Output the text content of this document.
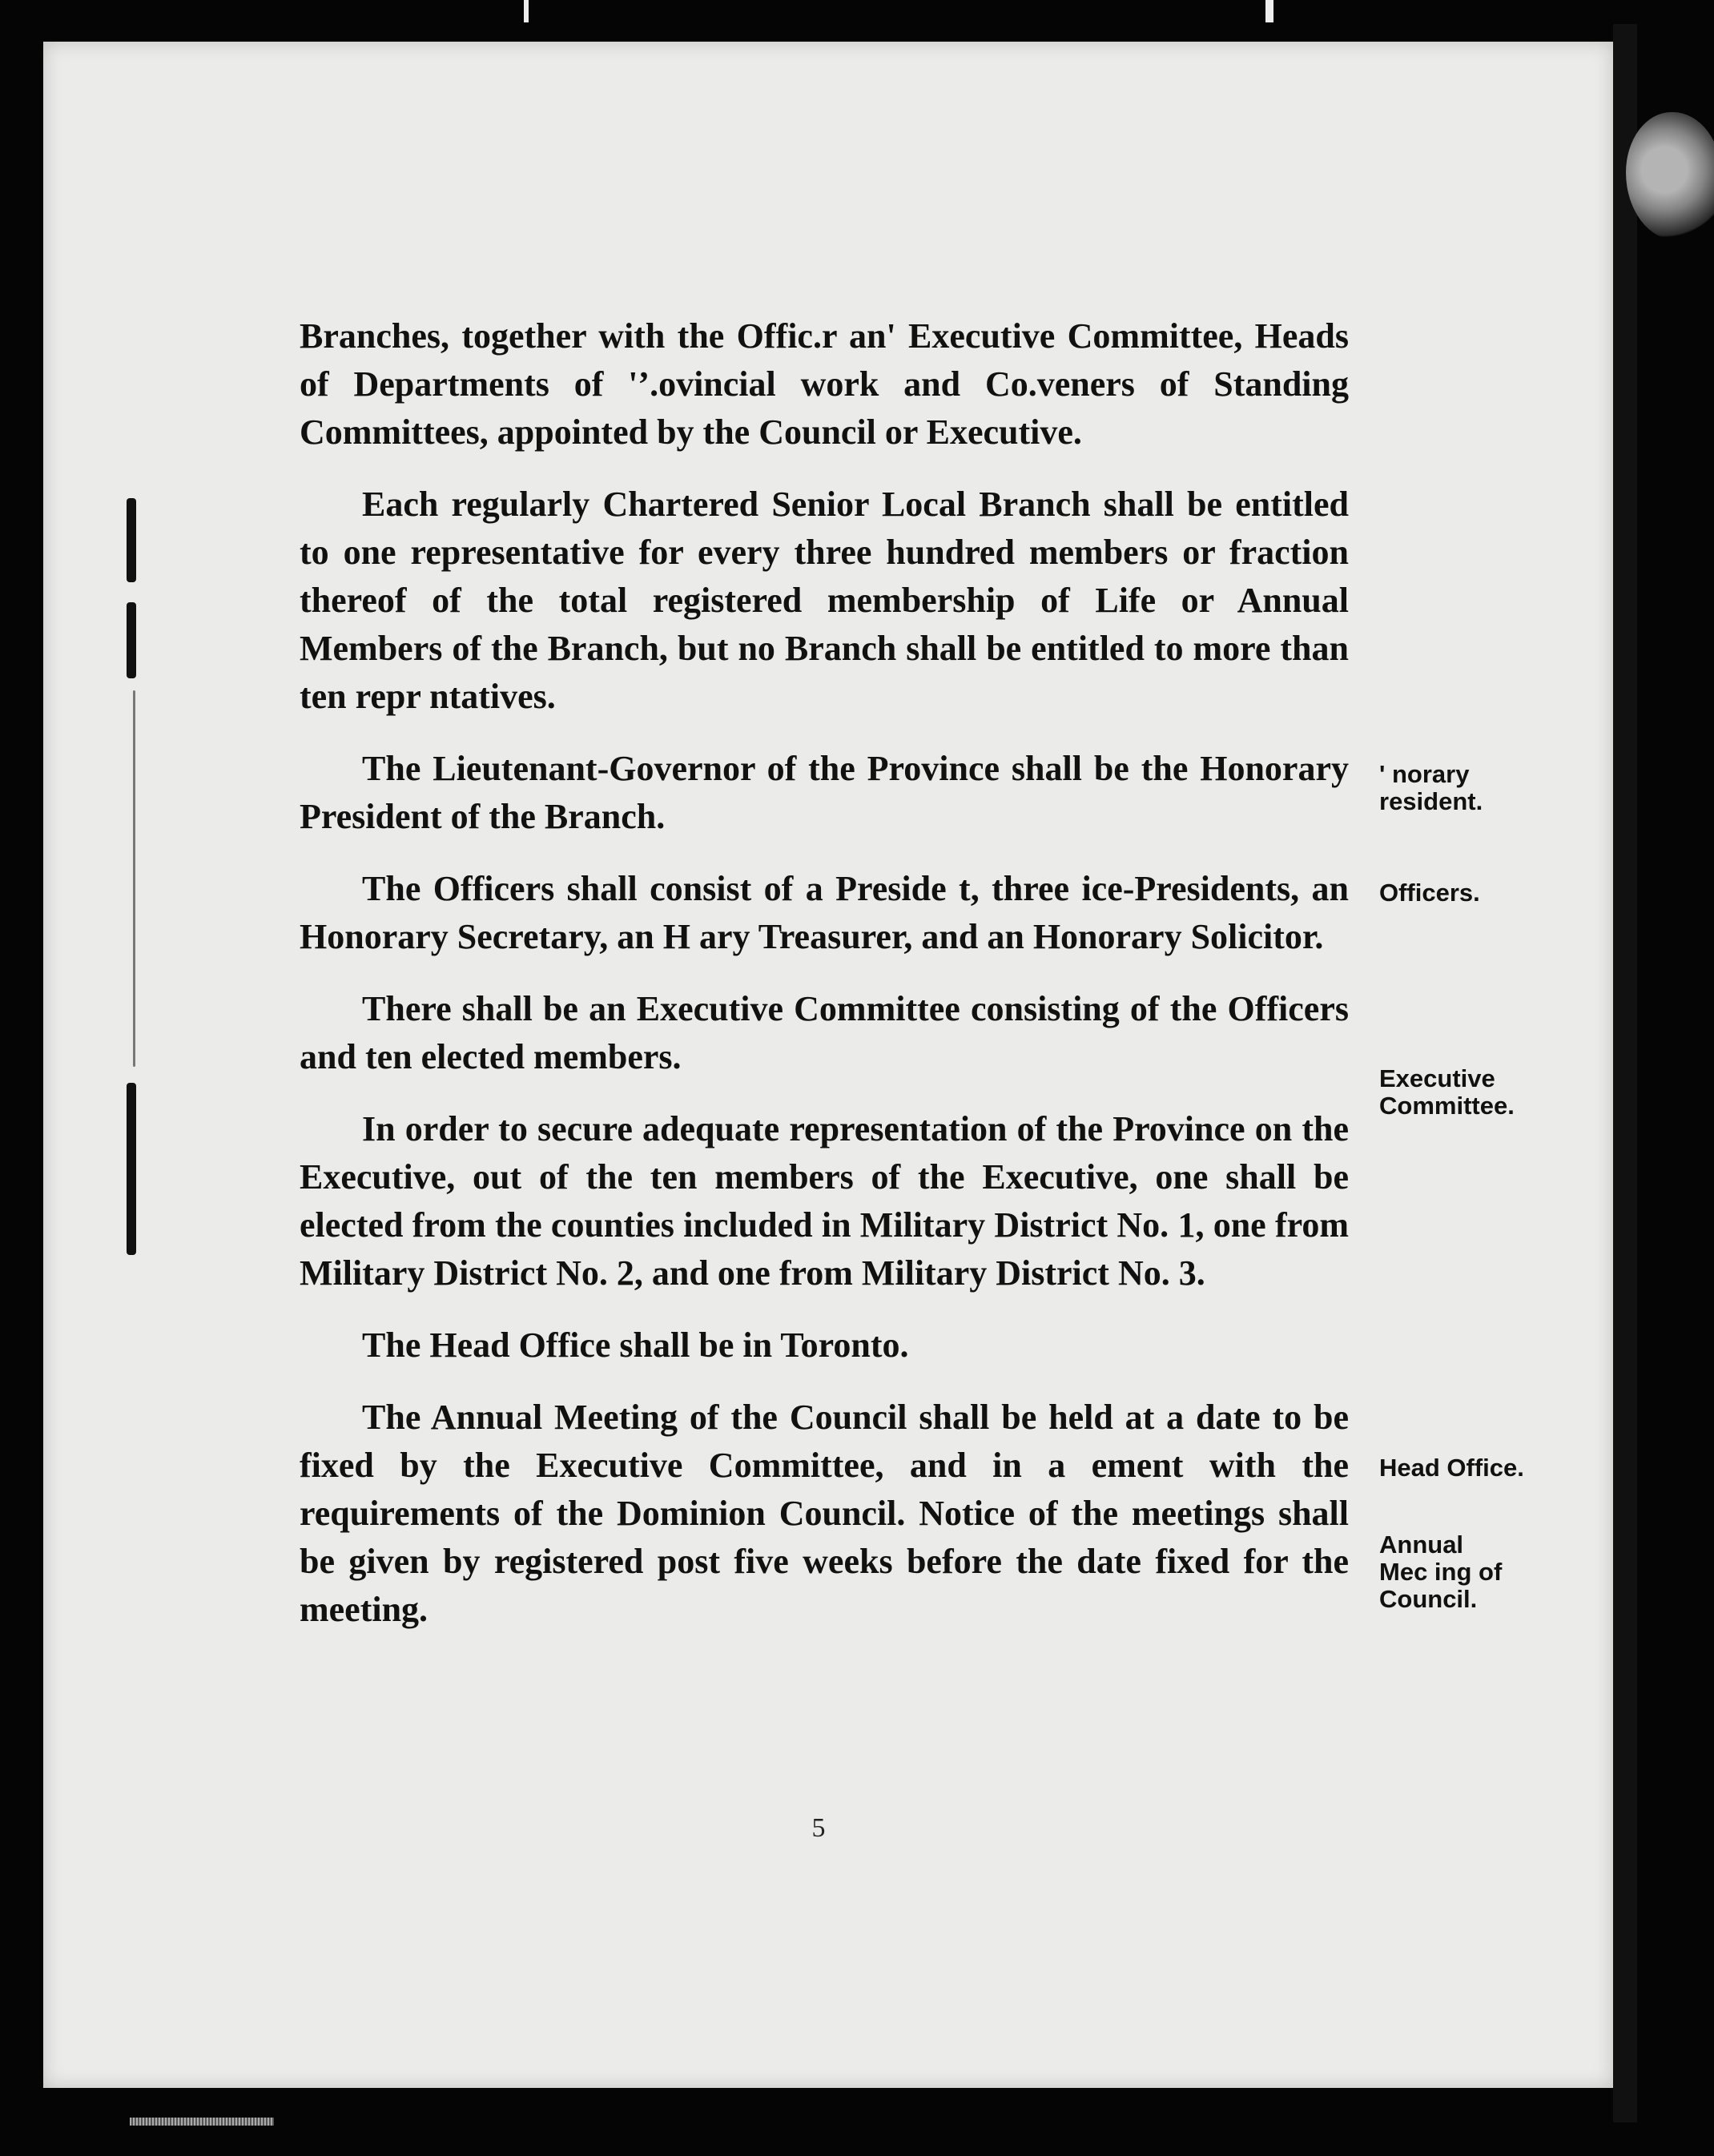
Branches, together with the Offic.r an' Executive Committee, Heads of Departments of '’.ovincial work and Co.veners of Standing Committees, appointed by the Council or Executive.

Each regularly Chartered Senior Local Branch shall be entitled to one representative for every three hundred members or fraction thereof of the total registered membership of Life or Annual Members of the Branch, but no Branch shall be entitled to more than ten repr ntatives.

The Lieutenant-Governor of the Province shall be the Honorary President of the Branch.

The Officers shall consist of a Preside t, three ice-Presidents, an Honorary Secretary, an H ary Treasurer, and an Honorary Solicitor.

There shall be an Executive Committee consisting of the Officers and ten elected members.

In order to secure adequate representation of the Province on the Executive, out of the ten members of the Executive, one shall be elected from the counties included in Military District No. 1, one from Military District No. 2, and one from Military District No. 3.

The Head Office shall be in Toronto.

The Annual Meeting of the Council shall be held at a date to be fixed by the Executive Committee, and in a ement with the requirements of the Dominion Council. Notice of the meetings shall be given by registered post five weeks before the date fixed for the meeting.

' norary
resident.
Officers.
Executive
Committee.
Head Office.
Annual
Mec ing of
Council.
5
